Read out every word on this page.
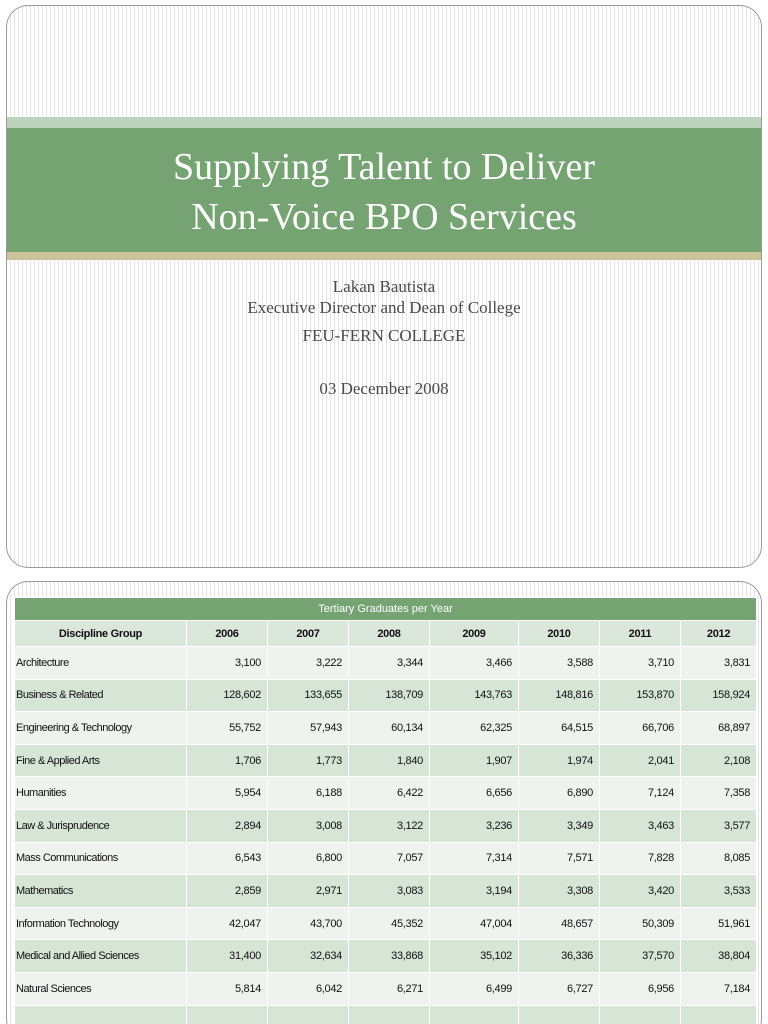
Supplying Talent to Deliver
Non-Voice BPO Services
Lakan Bautista
Executive Director and Dean of College
FEU-FERN COLLEGE
03 December 2008
Tertiary Graduates per Year							
Discipline Group	2006	2007	2008	2009	2010	2011	2012
Architecture	3,100	3,222	3,344	3,466	3,588	3,710	3,831
Business & Related	128,602	133,655	138,709	143,763	148,816	153,870	158,924
Engineering & Technology	55,752	57,943	60,134	62,325	64,515	66,706	68,897
Fine & Applied Arts	1,706	1,773	1,840	1,907	1,974	2,041	2,108
Humanities	5,954	6,188	6,422	6,656	6,890	7,124	7,358
Law & Jurisprudence	2,894	3,008	3,122	3,236	3,349	3,463	3,577
Mass Communications	6,543	6,800	7,057	7,314	7,571	7,828	8,085
Mathematics	2,859	2,971	3,083	3,194	3,308	3,420	3,533
Information Technology	42,047	43,700	45,352	47,004	48,657	50,309	51,961
Medical and Allied Sciences	31,400	32,634	33,868	35,102	36,336	37,570	38,804
Natural Sciences	5,814	6,042	6,271	6,499	6,727	6,956	7,184
